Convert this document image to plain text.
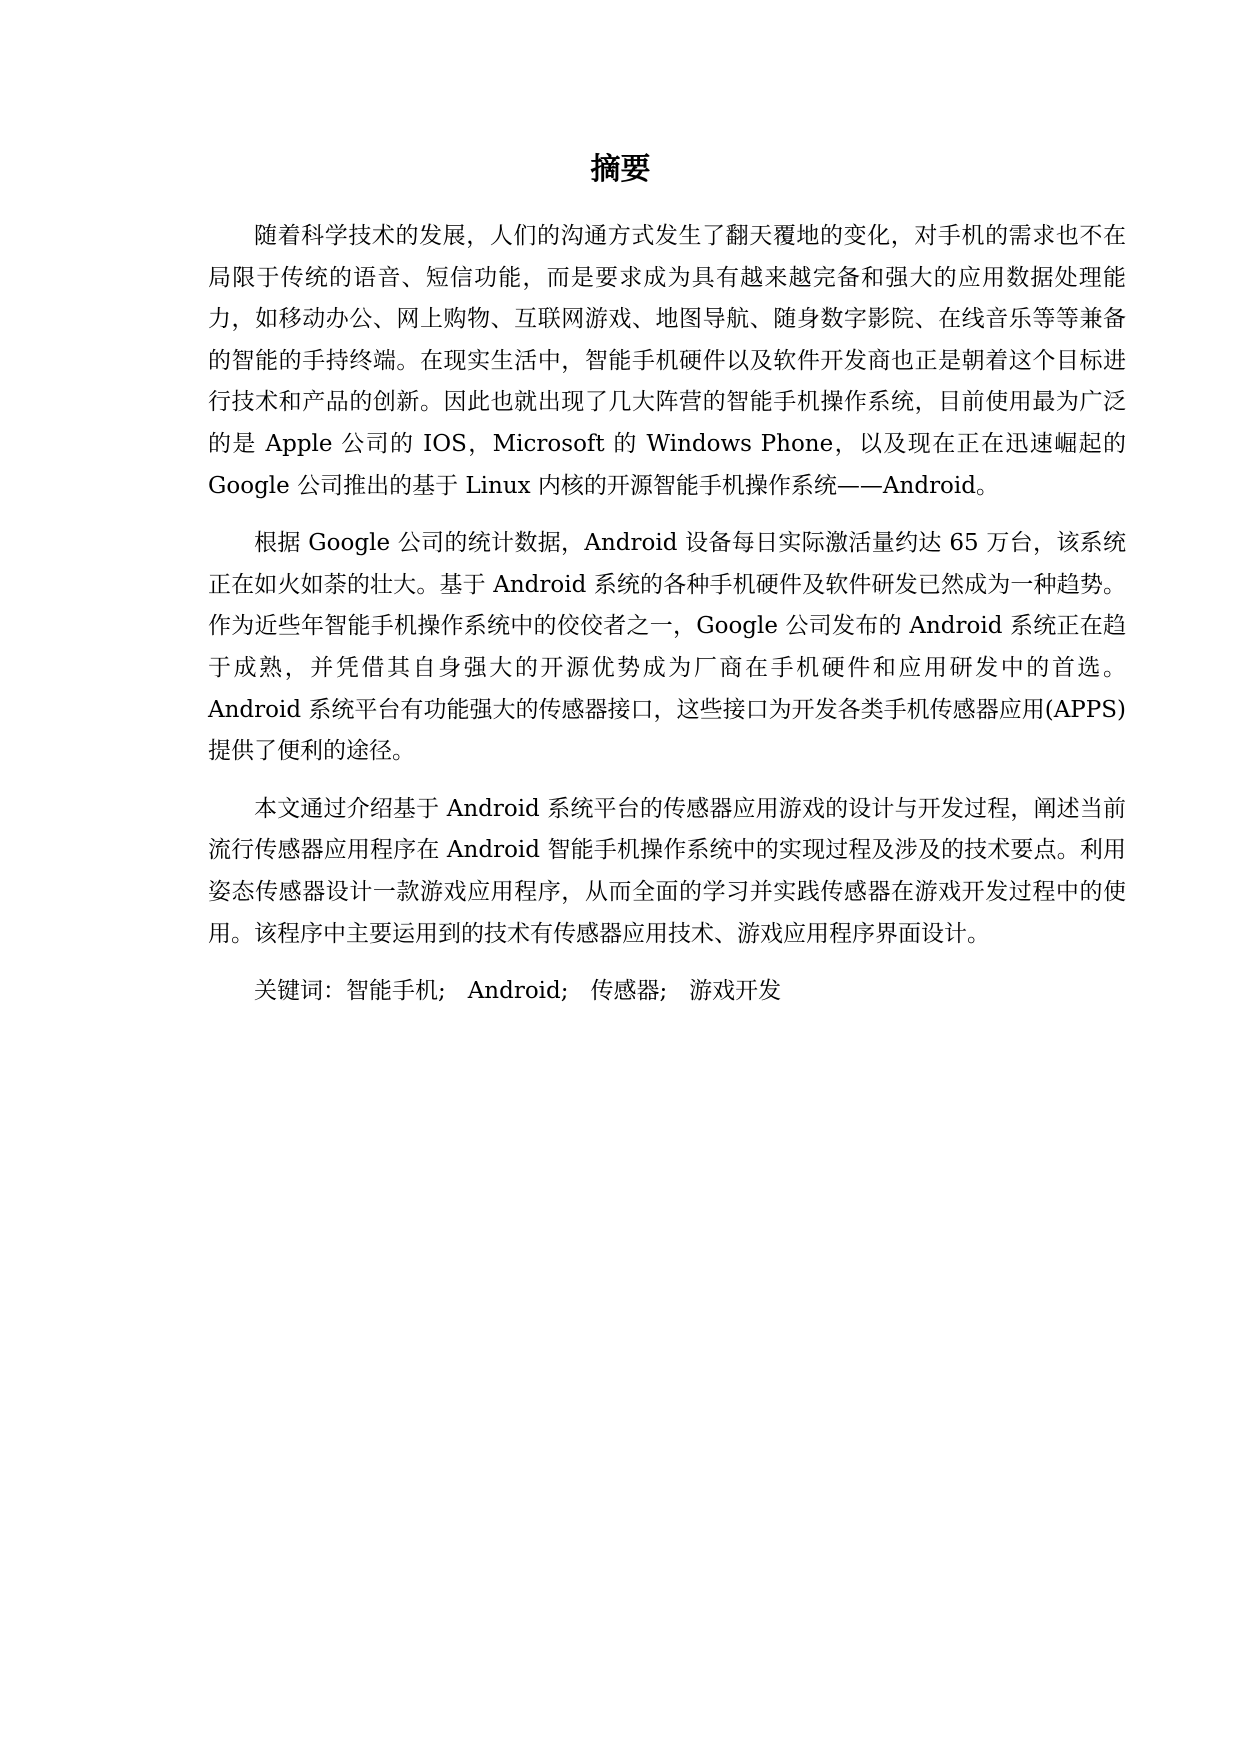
摘要

随着科学技术的发展，人们的沟通方式发生了翻天覆地的变化，对手机的需求也不在局限于传统的语音、短信功能，而是要求成为具有越来越完备和强大的应用数据处理能力，如移动办公、网上购物、互联网游戏、地图导航、随身数字影院、在线音乐等等兼备的智能的手持终端。在现实生活中，智能手机硬件以及软件开发商也正是朝着这个目标进行技术和产品的创新。因此也就出现了几大阵营的智能手机操作系统，目前使用最为广泛的是 Apple 公司的 IOS，Microsoft 的 Windows Phone，以及现在正在迅速崛起的 Google 公司推出的基于 Linux 内核的开源智能手机操作系统——Android。

根据 Google 公司的统计数据，Android 设备每日实际激活量约达 65 万台，该系统正在如火如荼的壮大。基于 Android 系统的各种手机硬件及软件研发已然成为一种趋势。作为近些年智能手机操作系统中的佼佼者之一，Google 公司发布的 Android 系统正在趋于成熟，并凭借其自身强大的开源优势成为厂商在手机硬件和应用研发中的首选。Android 系统平台有功能强大的传感器接口，这些接口为开发各类手机传感器应用(APPS)提供了便利的途径。

本文通过介绍基于 Android 系统平台的传感器应用游戏的设计与开发过程，阐述当前流行传感器应用程序在 Android 智能手机操作系统中的实现过程及涉及的技术要点。利用姿态传感器设计一款游戏应用程序，从而全面的学习并实践传感器在游戏开发过程中的使用。该程序中主要运用到的技术有传感器应用技术、游戏应用程序界面设计。

关键词：智能手机; Android; 传感器; 游戏开发
